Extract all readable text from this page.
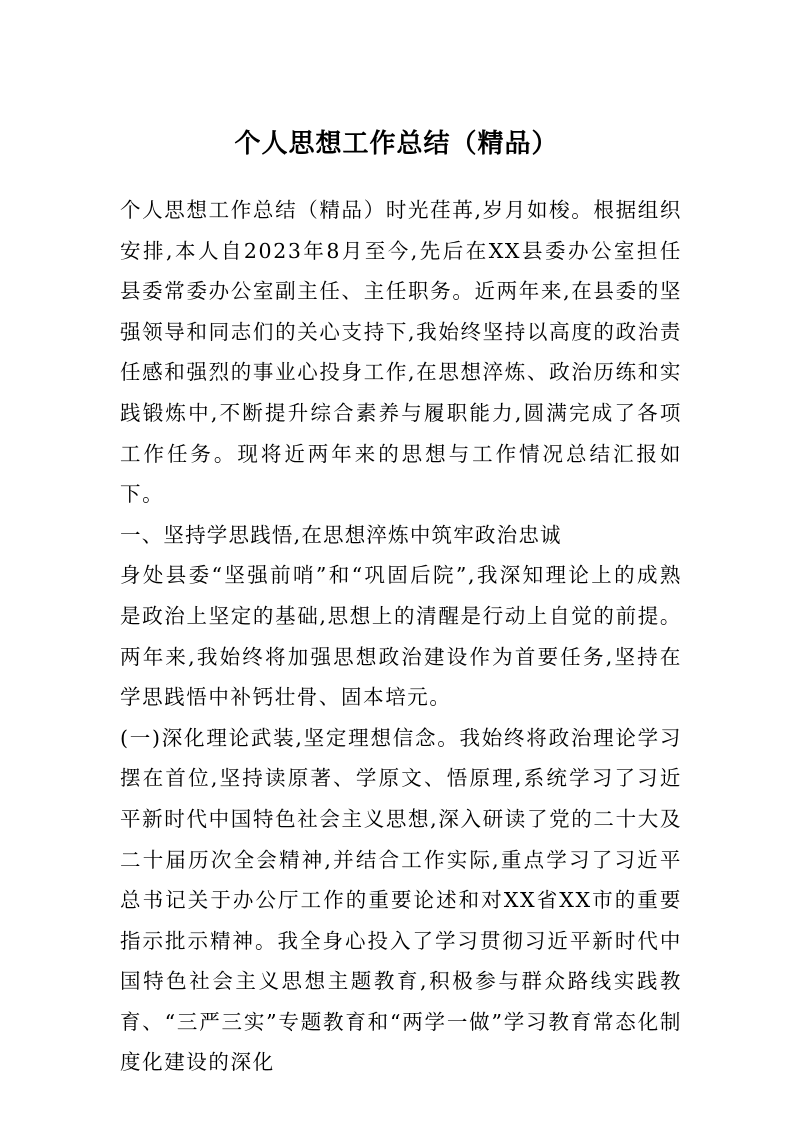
个人思想工作总结（精品）

个人思想工作总结（精品）时光荏苒,岁月如梭。根据组织安排,本人自2023年8月至今,先后在XX县委办公室担任县委常委办公室副主任、主任职务。近两年来,在县委的坚强领导和同志们的关心支持下,我始终坚持以高度的政治责任感和强烈的事业心投身工作,在思想淬炼、政治历练和实践锻炼中,不断提升综合素养与履职能力,圆满完成了各项工作任务。现将近两年来的思想与工作情况总结汇报如下。

一、坚持学思践悟,在思想淬炼中筑牢政治忠诚

身处县委“坚强前哨”和“巩固后院”,我深知理论上的成熟是政治上坚定的基础,思想上的清醒是行动上自觉的前提。两年来,我始终将加强思想政治建设作为首要任务,坚持在学思践悟中补钙壮骨、固本培元。

(一)深化理论武装,坚定理想信念。我始终将政治理论学习摆在首位,坚持读原著、学原文、悟原理,系统学习了习近平新时代中国特色社会主义思想,深入研读了党的二十大及二十届历次全会精神,并结合工作实际,重点学习了习近平总书记关于办公厅工作的重要论述和对XX省XX市的重要指示批示精神。我全身心投入了学习贯彻习近平新时代中国特色社会主义思想主题教育,积极参与群众路线实践教育、“三严三实”专题教育和“两学一做”学习教育常态化制度化建设的深化
